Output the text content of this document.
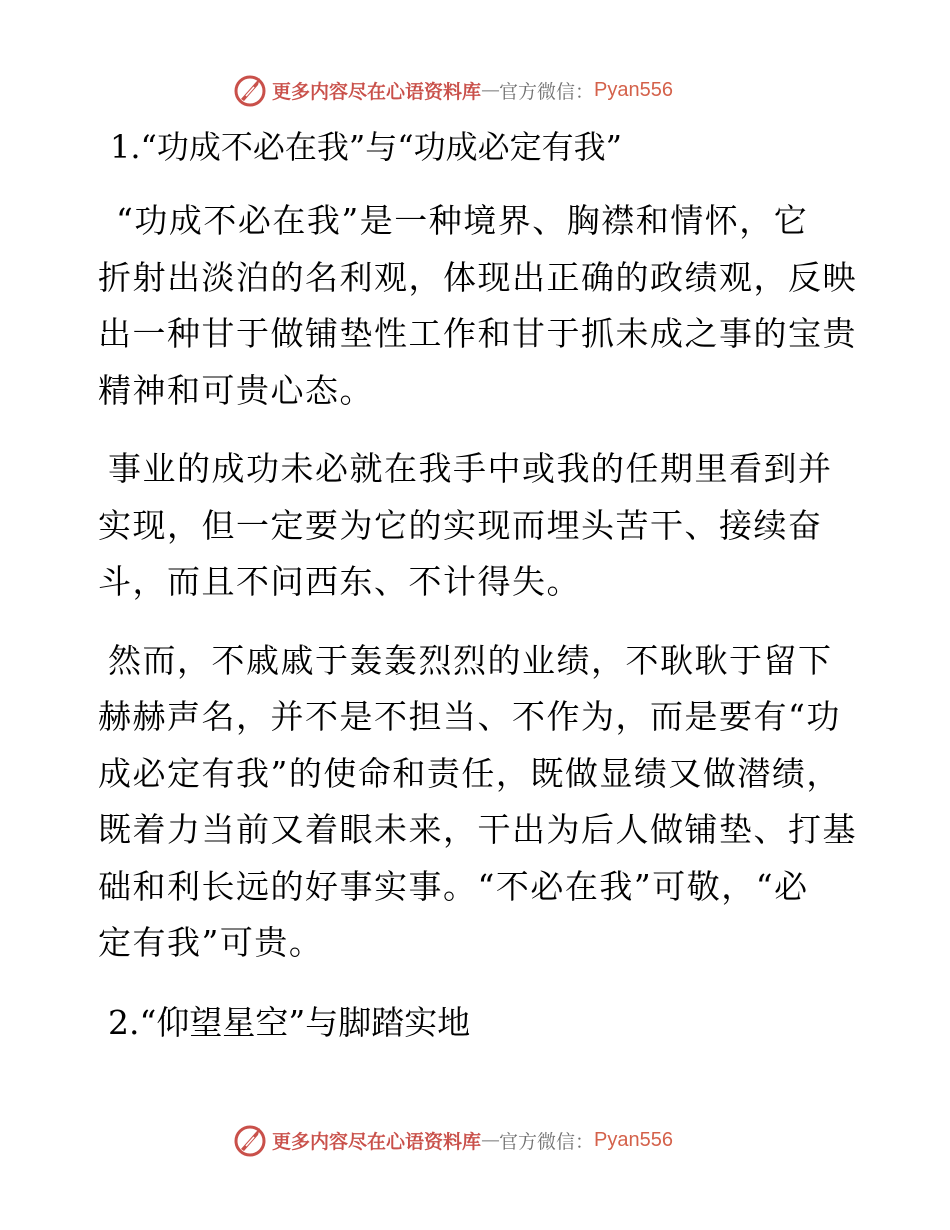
更多内容尽在心语资料库 — 官方微信： Pyan556
1.“功成不必在我”与“功成必定有我”
“功成不必在我”是一种境界、胸襟和情怀，它
折射出淡泊的名利观，体现出正确的政绩观，反映
出一种甘于做铺垫性工作和甘于抓未成之事的宝贵
精神和可贵心态。
事业的成功未必就在我手中或我的任期里看到并
实现，但一定要为它的实现而埋头苦干、接续奋
斗，而且不问西东、不计得失。
然而，不戚戚于轰轰烈烈的业绩，不耿耿于留下
赫赫声名，并不是不担当、不作为，而是要有“功
成必定有我”的使命和责任，既做显绩又做潜绩，
既着力当前又着眼未来，干出为后人做铺垫、打基
础和利长远的好事实事。“不必在我”可敬，“必
定有我”可贵。
2.“仰望星空”与脚踏实地
更多内容尽在心语资料库 — 官方微信： Pyan556
